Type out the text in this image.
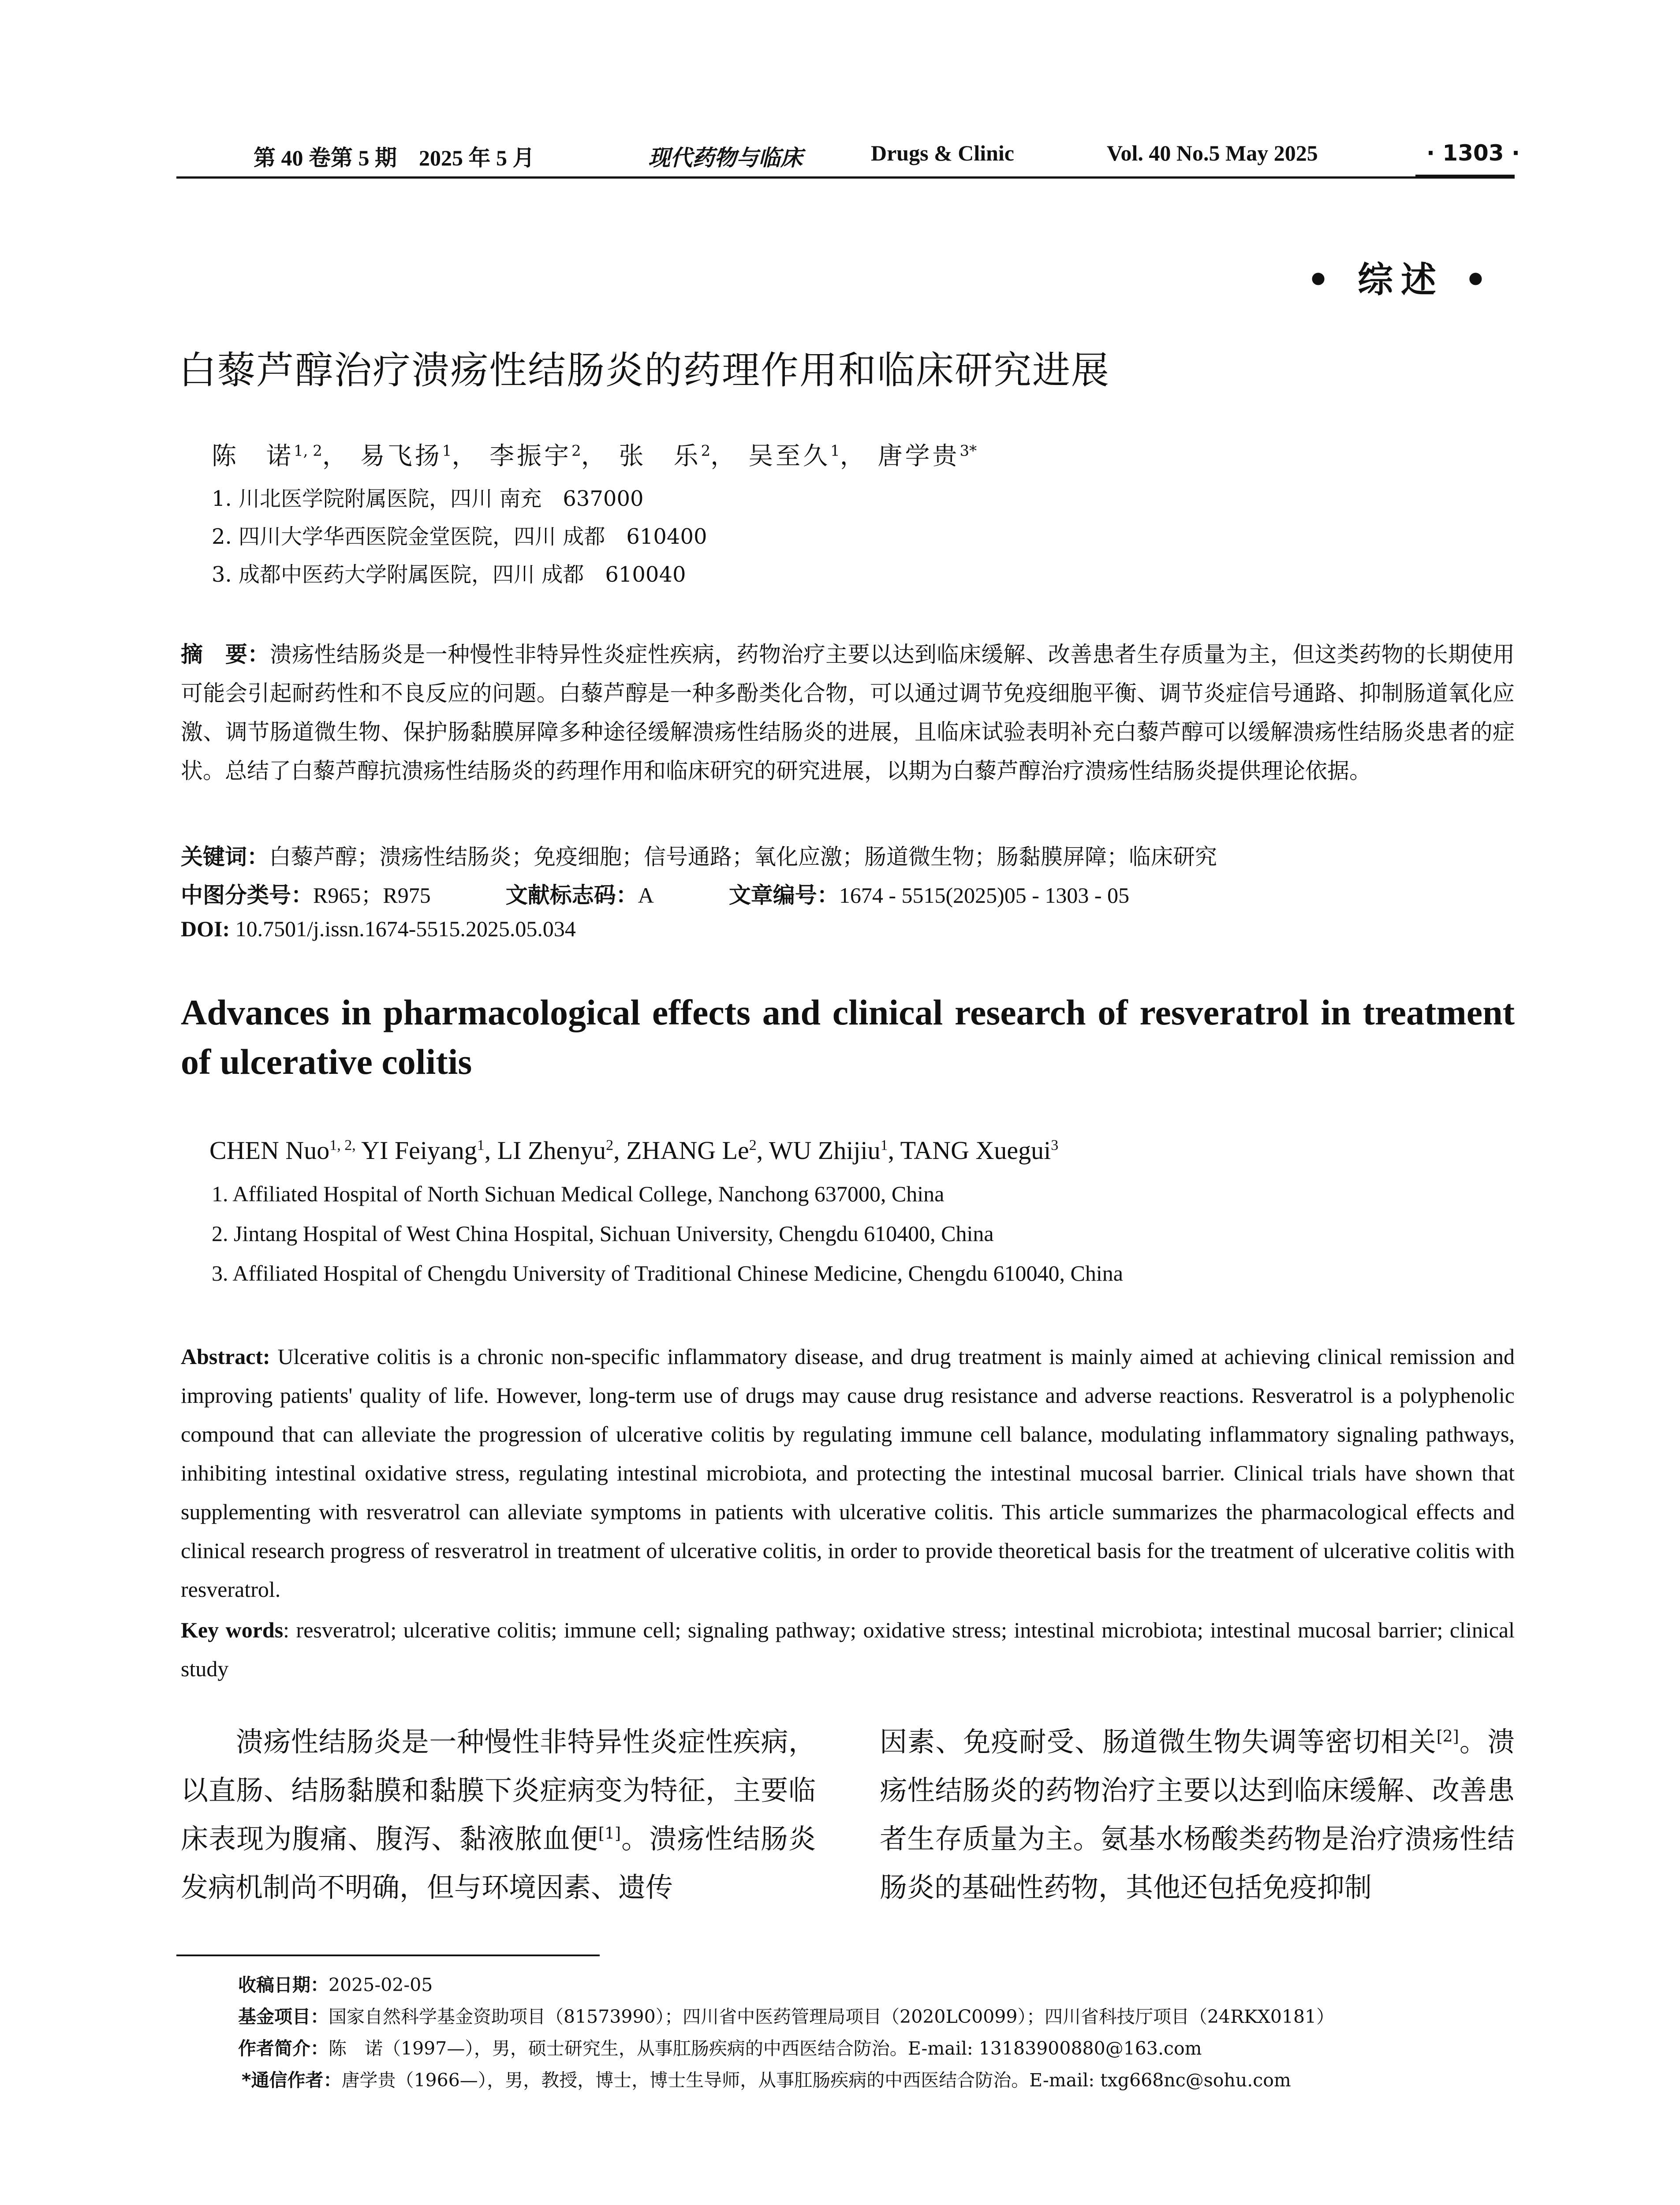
第 40 卷第 5 期　2025 年 5 月	现代药物与临床	Drugs & Clinic	Vol. 40 No.5 May 2025	· 1303 ·
• 综述 •
白藜芦醇治疗溃疡性结肠炎的药理作用和临床研究进展
陈　诺$^{1, 2}$， 易飞扬$^1$， 李振宇$^2$， 张　乐$^2$， 吴至久$^1$， 唐学贵$^{3*}$
1. 川北医学院附属医院，四川 南充　637000
2. 四川大学华西医院金堂医院，四川 成都　610400
3. 成都中医药大学附属医院，四川 成都　610040
摘　要：溃疡性结肠炎是一种慢性非特异性炎症性疾病，药物治疗主要以达到临床缓解、改善患者生存质量为主，但这类药物的长期使用可能会引起耐药性和不良反应的问题。白藜芦醇是一种多酚类化合物，可以通过调节免疫细胞平衡、调节炎症信号通路、抑制肠道氧化应激、调节肠道微生物、保护肠黏膜屏障多种途径缓解溃疡性结肠炎的进展，且临床试验表明补充白藜芦醇可以缓解溃疡性结肠炎患者的症状。总结了白藜芦醇抗溃疡性结肠炎的药理作用和临床研究的研究进展，以期为白藜芦醇治疗溃疡性结肠炎提供理论依据。
关键词：白藜芦醇；溃疡性结肠炎；免疫细胞；信号通路；氧化应激；肠道微生物；肠黏膜屏障；临床研究
中图分类号：R965；R975	文献标志码：A	文章编号：1674 - 5515(2025)05 - 1303 - 05
DOI: 10.7501/j.issn.1674-5515.2025.05.034
Advances in pharmacological effects and clinical research of resveratrol in treatment of ulcerative colitis
CHEN Nuo$^{1, 2,}$ YI Feiyang$^1$, LI Zhenyu$^2$, ZHANG Le$^2$, WU Zhijiu$^1$, TANG Xuegui$^3$
1. Affiliated Hospital of North Sichuan Medical College, Nanchong 637000, China
2. Jintang Hospital of West China Hospital, Sichuan University, Chengdu 610400, China
3. Affiliated Hospital of Chengdu University of Traditional Chinese Medicine, Chengdu 610040, China
Abstract: Ulcerative colitis is a chronic non-specific inflammatory disease, and drug treatment is mainly aimed at achieving clinical remission and improving patients' quality of life. However, long-term use of drugs may cause drug resistance and adverse reactions. Resveratrol is a polyphenolic compound that can alleviate the progression of ulcerative colitis by regulating immune cell balance, modulating inflammatory signaling pathways, inhibiting intestinal oxidative stress, regulating intestinal microbiota, and protecting the intestinal mucosal barrier. Clinical trials have shown that supplementing with resveratrol can alleviate symptoms in patients with ulcerative colitis. This article summarizes the pharmacological effects and clinical research progress of resveratrol in treatment of ulcerative colitis, in order to provide theoretical basis for the treatment of ulcerative colitis with resveratrol.
Key words: resveratrol; ulcerative colitis; immune cell; signaling pathway; oxidative stress; intestinal microbiota; intestinal mucosal barrier; clinical study
溃疡性结肠炎是一种慢性非特异性炎症性疾病，以直肠、结肠黏膜和黏膜下炎症病变为特征，主要临床表现为腹痛、腹泻、黏液脓血便[1]。溃疡性结肠炎发病机制尚不明确，但与环境因素、遗传
因素、免疫耐受、肠道微生物失调等密切相关[2]。溃疡性结肠炎的药物治疗主要以达到临床缓解、改善患者生存质量为主。氨基水杨酸类药物是治疗溃疡性结肠炎的基础性药物，其他还包括免疫抑制
收稿日期：2025-02-05
基金项目：国家自然科学基金资助项目（81573990）；四川省中医药管理局项目（2020LC0099）；四川省科技厅项目（24RKX0181）
作者简介：陈　诺（1997—），男，硕士研究生，从事肛肠疾病的中西医结合防治。E-mail: 13183900880@163.com
*通信作者：唐学贵（1966—），男，教授，博士，博士生导师，从事肛肠疾病的中西医结合防治。E-mail: txg668nc@sohu.com
